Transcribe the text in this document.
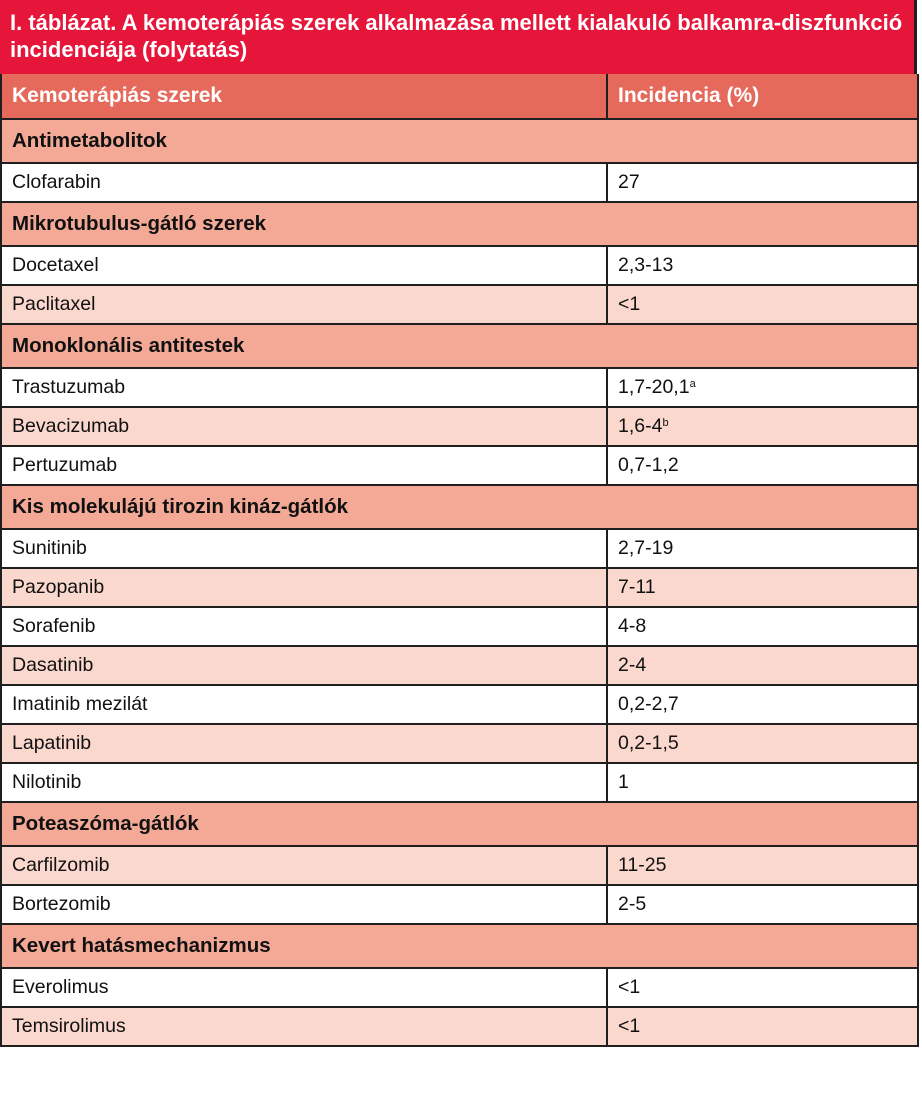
I. táblázat. A kemoterápiás szerek alkalmazása mellett kialakuló balkamra-diszfunkció incidenciája (folytatás)
Kemoterápiás szerek	Incidencia (%)
Antimetabolitok	
Clofarabin	27
Mikrotubulus-gátló szerek	
Docetaxel	2,3-13
Paclitaxel	<1
Monoklonális antitestek	
Trastuzumab	1,7-20,1$^a$
Bevacizumab	1,6-4$^b$
Pertuzumab	0,7-1,2
Kis molekulájú tirozin kináz-gátlók	
Sunitinib	2,7-19
Pazopanib	7-11
Sorafenib	4-8
Dasatinib	2-4
Imatinib mezilát	0,2-2,7
Lapatinib	0,2-1,5
Nilotinib	1
Poteaszóma-gátlók	
Carfilzomib	11-25
Bortezomib	2-5
Kevert hatásmechanizmus	
Everolimus	<1
Temsirolimus	<1
